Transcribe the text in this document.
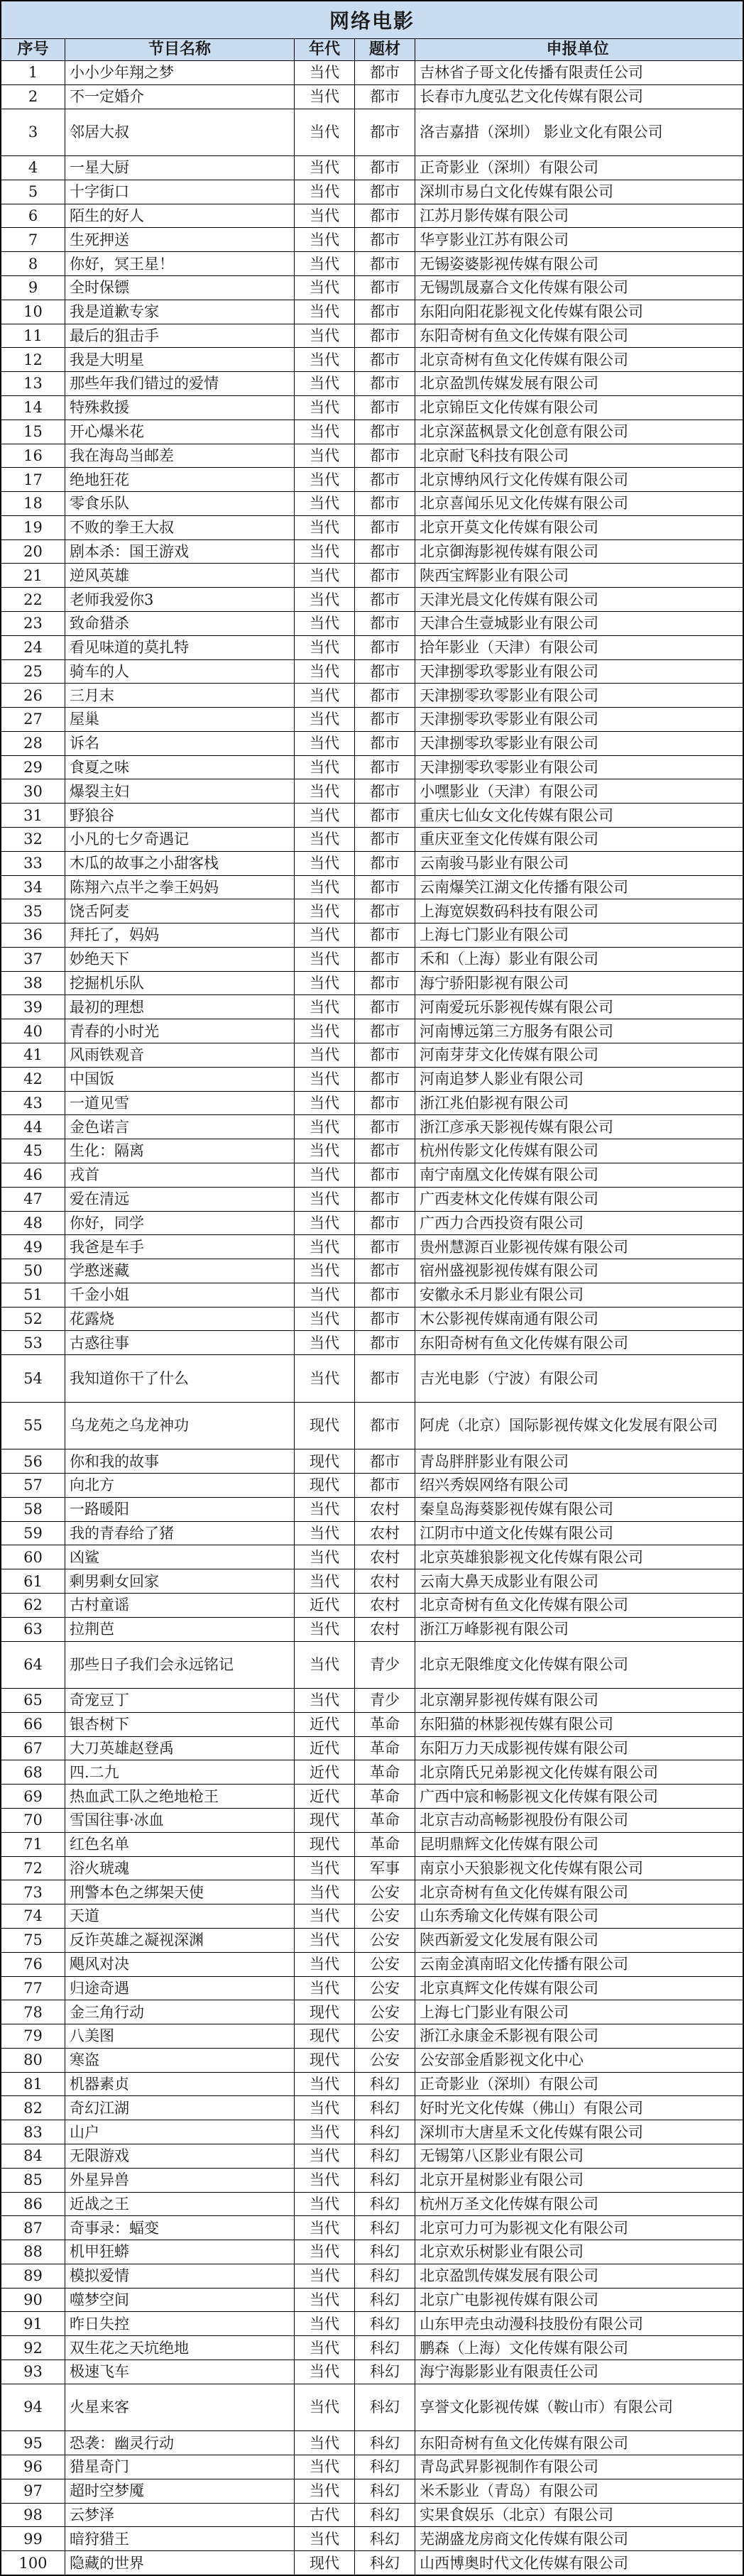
网络电影
序号	节目名称	年代	题材	申报单位
1	小小少年翔之梦	当代	都市	吉林省子哥文化传播有限责任公司
2	不一定婚介	当代	都市	长春市九度弘艺文化传媒有限公司
3	邻居大叔	当代	都市	洛吉嘉措（深圳） 影业文化有限公司
4	一星大厨	当代	都市	正奇影业（深圳）有限公司
5	十字街口	当代	都市	深圳市易白文化传媒有限公司
6	陌生的好人	当代	都市	江苏月影传媒有限公司
7	生死押送	当代	都市	华亨影业江苏有限公司
8	你好，冥王星！	当代	都市	无锡姿婆影视传媒有限公司
9	全时保镖	当代	都市	无锡凯晟嘉合文化传媒有限公司
10	我是道歉专家	当代	都市	东阳向阳花影视文化传媒有限公司
11	最后的狙击手	当代	都市	东阳奇树有鱼文化传媒有限公司
12	我是大明星	当代	都市	北京奇树有鱼文化传媒有限公司
13	那些年我们错过的爱情	当代	都市	北京盈凯传媒发展有限公司
14	特殊救援	当代	都市	北京锦臣文化传媒有限公司
15	开心爆米花	当代	都市	北京深蓝枫景文化创意有限公司
16	我在海岛当邮差	当代	都市	北京耐飞科技有限公司
17	绝地狂花	当代	都市	北京博纳风行文化传媒有限公司
18	零食乐队	当代	都市	北京喜闻乐见文化传媒有限公司
19	不败的拳王大叔	当代	都市	北京开莫文化传媒有限公司
20	剧本杀：国王游戏	当代	都市	北京御海影视传媒有限公司
21	逆风英雄	当代	都市	陕西宝辉影业有限公司
22	老师我爱你3	当代	都市	天津光晨文化传媒有限公司
23	致命猎杀	当代	都市	天津合生壹城影业有限公司
24	看见味道的莫扎特	当代	都市	拾年影业（天津）有限公司
25	骑车的人	当代	都市	天津捌零玖零影业有限公司
26	三月末	当代	都市	天津捌零玖零影业有限公司
27	屋巢	当代	都市	天津捌零玖零影业有限公司
28	诉名	当代	都市	天津捌零玖零影业有限公司
29	食夏之味	当代	都市	天津捌零玖零影业有限公司
30	爆裂主妇	当代	都市	小嘿影业（天津）有限公司
31	野狼谷	当代	都市	重庆七仙女文化传媒有限公司
32	小凡的七夕奇遇记	当代	都市	重庆亚奎文化传媒有限公司
33	木瓜的故事之小甜客栈	当代	都市	云南骏马影业有限公司
34	陈翔六点半之拳王妈妈	当代	都市	云南爆笑江湖文化传播有限公司
35	饶舌阿麦	当代	都市	上海宽娱数码科技有限公司
36	拜托了，妈妈	当代	都市	上海七门影业有限公司
37	妙绝天下	当代	都市	禾和（上海）影业有限公司
38	挖掘机乐队	当代	都市	海宁骄阳影视有限公司
39	最初的理想	当代	都市	河南爱玩乐影视传媒有限公司
40	青春的小时光	当代	都市	河南博远第三方服务有限公司
41	风雨铁观音	当代	都市	河南芽芽文化传媒有限公司
42	中国饭	当代	都市	河南追梦人影业有限公司
43	一道见雪	当代	都市	浙江兆伯影视有限公司
44	金色诺言	当代	都市	浙江彦承天影视传媒有限公司
45	生化：隔离	当代	都市	杭州传影文化传媒有限公司
46	戎首	当代	都市	南宁南凰文化传媒有限公司
47	爱在清远	当代	都市	广西麦林文化传媒有限公司
48	你好，同学	当代	都市	广西力合西投资有限公司
49	我爸是车手	当代	都市	贵州慧源百业影视传媒有限公司
50	学憨迷藏	当代	都市	宿州盛视影视传媒有限公司
51	千金小姐	当代	都市	安徽永禾月影业有限公司
52	花露烧	当代	都市	木公影视传媒南通有限公司
53	古惑往事	当代	都市	东阳奇树有鱼文化传媒有限公司
54	我知道你干了什么	当代	都市	吉光电影（宁波）有限公司
55	乌龙苑之乌龙神功	现代	都市	阿虎（北京）国际影视传媒文化发展有限公司
56	你和我的故事	现代	都市	青岛胖胖影业有限公司
57	向北方	现代	都市	绍兴秀娱网络有限公司
58	一路暖阳	当代	农村	秦皇岛海葵影视传媒有限公司
59	我的青春给了猪	当代	农村	江阴市中道文化传媒有限公司
60	凶鲨	当代	农村	北京英雄狼影视文化传媒有限公司
61	剩男剩女回家	当代	农村	云南大鼻天成影业有限公司
62	古村童谣	近代	农村	北京奇树有鱼文化传媒有限公司
63	拉荆芭	当代	农村	浙江万峰影视有限公司
64	那些日子我们会永远铭记	当代	青少	北京无限维度文化传媒有限公司
65	奇宠豆丁	当代	青少	北京潮昇影视传媒有限公司
66	银杏树下	近代	革命	东阳猫的林影视传媒有限公司
67	大刀英雄赵登禹	近代	革命	东阳万力天成影视传媒有限公司
68	四.二九	近代	革命	北京隋氏兄弟影视文化传媒有限公司
69	热血武工队之绝地枪王	近代	革命	广西中宸和畅影视文化传媒有限公司
70	雪国往事·冰血	现代	革命	北京吉动高畅影视股份有限公司
71	红色名单	现代	革命	昆明鼎辉文化传媒有限公司
72	浴火琥魂	当代	军事	南京小天狼影视文化传媒有限公司
73	刑警本色之绑架天使	当代	公安	北京奇树有鱼文化传媒有限公司
74	天道	当代	公安	山东秀瑜文化传媒有限公司
75	反诈英雄之凝视深渊	当代	公安	陕西新爱文化发展有限公司
76	飓风对决	当代	公安	云南金滇南昭文化传播有限公司
77	归途奇遇	当代	公安	北京真辉文化传媒有限公司
78	金三角行动	现代	公安	上海七门影业有限公司
79	八美图	现代	公安	浙江永康金禾影视有限公司
80	寒盗	现代	公安	公安部金盾影视文化中心
81	机器素贞	当代	科幻	正奇影业（深圳）有限公司
82	奇幻江湖	当代	科幻	好时光文化传媒（佛山）有限公司
83	山户	当代	科幻	深圳市大唐星禾文化传媒有限公司
84	无限游戏	当代	科幻	无锡第八区影业有限公司
85	外星异兽	当代	科幻	北京开星树影业有限公司
86	近战之王	当代	科幻	杭州万圣文化传媒有限公司
87	奇事录：蝠变	当代	科幻	北京可力可为影视文化有限公司
88	机甲狂蟒	当代	科幻	北京欢乐树影业有限公司
89	模拟爱情	当代	科幻	北京盈凯传媒发展有限公司
90	噬梦空间	当代	科幻	北京广电影视传媒有限公司
91	昨日失控	当代	科幻	山东甲壳虫动漫科技股份有限公司
92	双生花之天坑绝地	当代	科幻	鹏森（上海）文化传媒有限公司
93	极速飞车	当代	科幻	海宁海影影业有限责任公司
94	火星来客	当代	科幻	享誉文化影视传媒（鞍山市）有限公司
95	恐袭：幽灵行动	当代	科幻	东阳奇树有鱼文化传媒有限公司
96	猎星奇门	当代	科幻	青岛武昇影视制作有限公司
97	超时空梦魇	当代	科幻	米禾影业（青岛）有限公司
98	云梦泽	古代	科幻	实果食娱乐（北京）有限公司
99	暗狩猎王	当代	科幻	芜湖盛龙房商文化传媒有限公司
100	隐藏的世界	现代	科幻	山西博奥时代文化传媒有限公司
